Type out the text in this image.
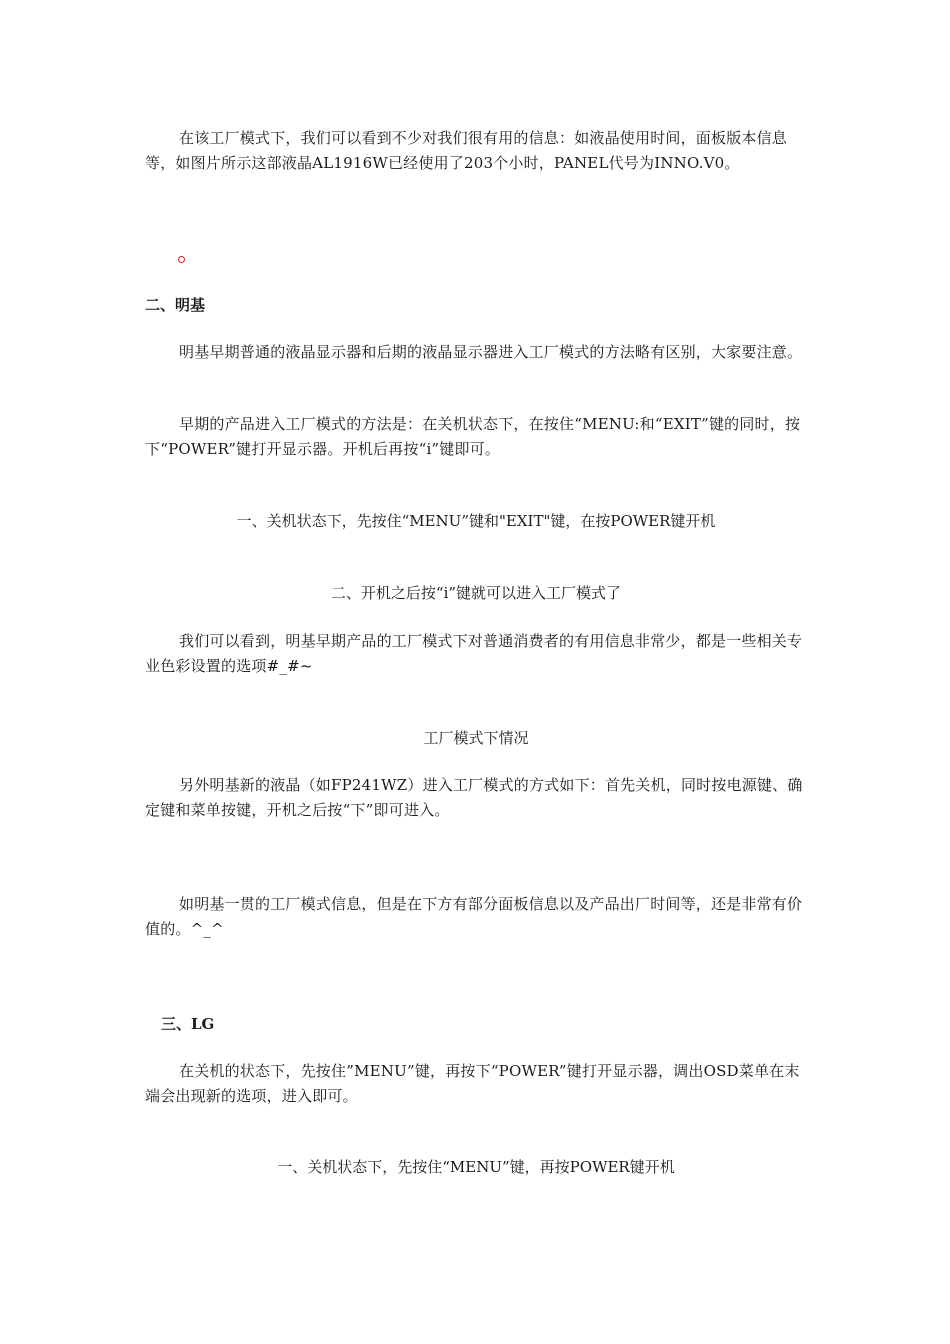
在该工厂模式下，我们可以看到不少对我们很有用的信息：如液晶使用时间，面板版本信息等，如图片所示这部液晶AL1916W已经使用了203个小时，PANEL代号为INNO.V0。

二、明基

明基早期普通的液晶显示器和后期的液晶显示器进入工厂模式的方法略有区别，大家要注意。

早期的产品进入工厂模式的方法是：在关机状态下，在按住“MENU:和“EXIT”键的同时，按下“POWER”键打开显示器。开机后再按“i”键即可。

一、关机状态下，先按住“MENU”键和"EXIT"键，在按POWER键开机

二、开机之后按“i”键就可以进入工厂模式了

我们可以看到，明基早期产品的工厂模式下对普通消费者的有用信息非常少，都是一些相关专业色彩设置的选项#_#~

工厂模式下情况

另外明基新的液晶（如FP241WZ）进入工厂模式的方式如下：首先关机，同时按电源键、确定键和菜单按键，开机之后按“下”即可进入。

如明基一贯的工厂模式信息，但是在下方有部分面板信息以及产品出厂时间等，还是非常有价值的。^_^

三、LG

在关机的状态下，先按住”MENU”键，再按下“POWER”键打开显示器，调出OSD菜单在末端会出现新的选项，进入即可。

一、关机状态下，先按住“MENU”键，再按POWER键开机
